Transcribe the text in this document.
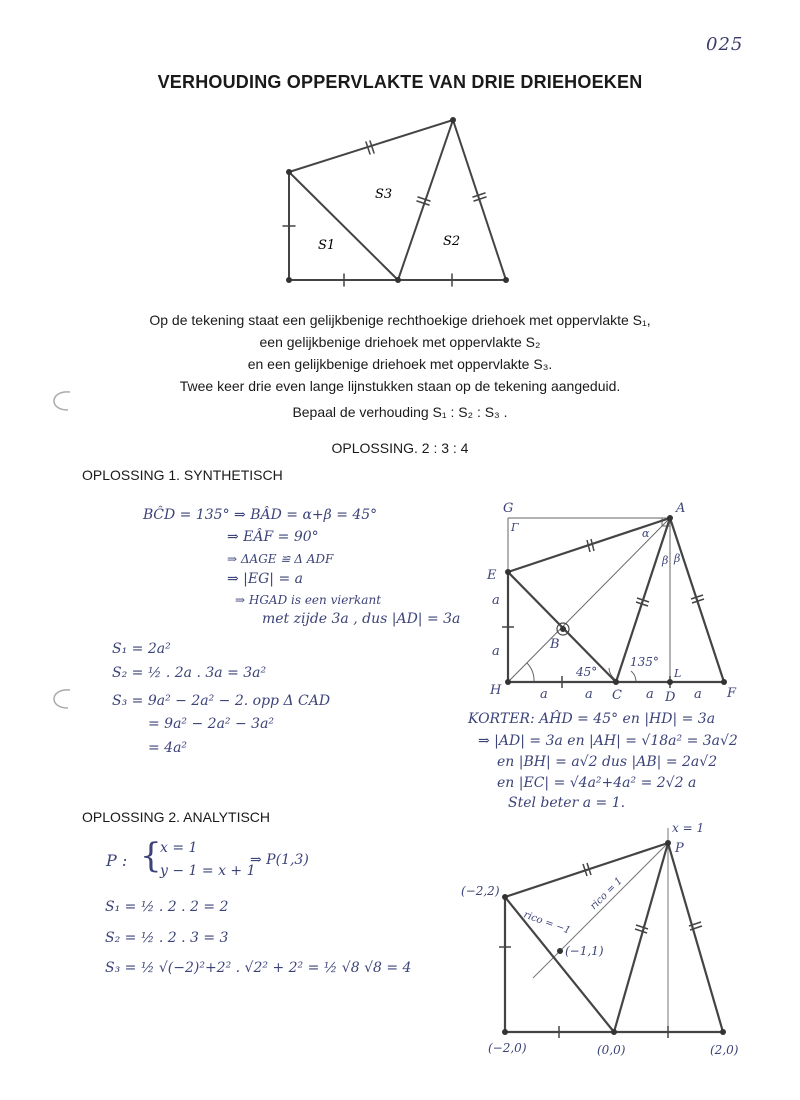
025
VERHOUDING OPPERVLAKTE VAN DRIE DRIEHOEKEN
S3
S1	S2
Op de tekening staat een gelijkbenige rechthoekige driehoek met oppervlakte S₁,
een gelijkbenige driehoek met oppervlakte S₂
en een gelijkbenige driehoek met oppervlakte S₃.
Twee keer drie even lange lijnstukken staan op de tekening aangeduid.
Bepaal de verhouding S₁ : S₂ : S₃ .
OPLOSSING. 2 : 3 : 4
OPLOSSING 1. SYNTHETISCH
BĈD = 135° ⇒ BÂD = α+β = 45°
⇒ EÂF = 90°
⇒ ΔAGE ≌ Δ ADF
⇒ |EG| = a
⇒ HGAD is een vierkant
met zijde 3a , dus |AD| = 3a
S₁ = 2a²
S₂ = ½ . 2a . 3a = 3a²
S₃ = 9a² − 2a² − 2. opp Δ CAD
= 9a² − 2a² − 3a²
= 4a²
G	A
E
B
H	C	D	F
α
β β
a
a
a	a	a	a
45°
135°
L
Γ
KORTER: AĤD = 45° en |HD| = 3a
⇒ |AD| = 3a en |AH| = √18a² = 3a√2
en |BH| = a√2 dus |AB| = 2a√2
en |EC| = √4a²+4a² = 2√2 a
Stel beter a = 1.
OPLOSSING 2. ANALYTISCH
P : {
x = 1
y − 1 = x + 1
⇒ P(1,3)
S₁ = ½ . 2 . 2 = 2
S₂ = ½ . 2 . 3 = 3
S₃ = ½ √(−2)²+2² . √2² + 2² = ½ √8 √8 = 4
x = 1
P
(−2,2)
(−1,1)
(−2,0)	(0,0)	(2,0)
rico = −1
rico = 1
